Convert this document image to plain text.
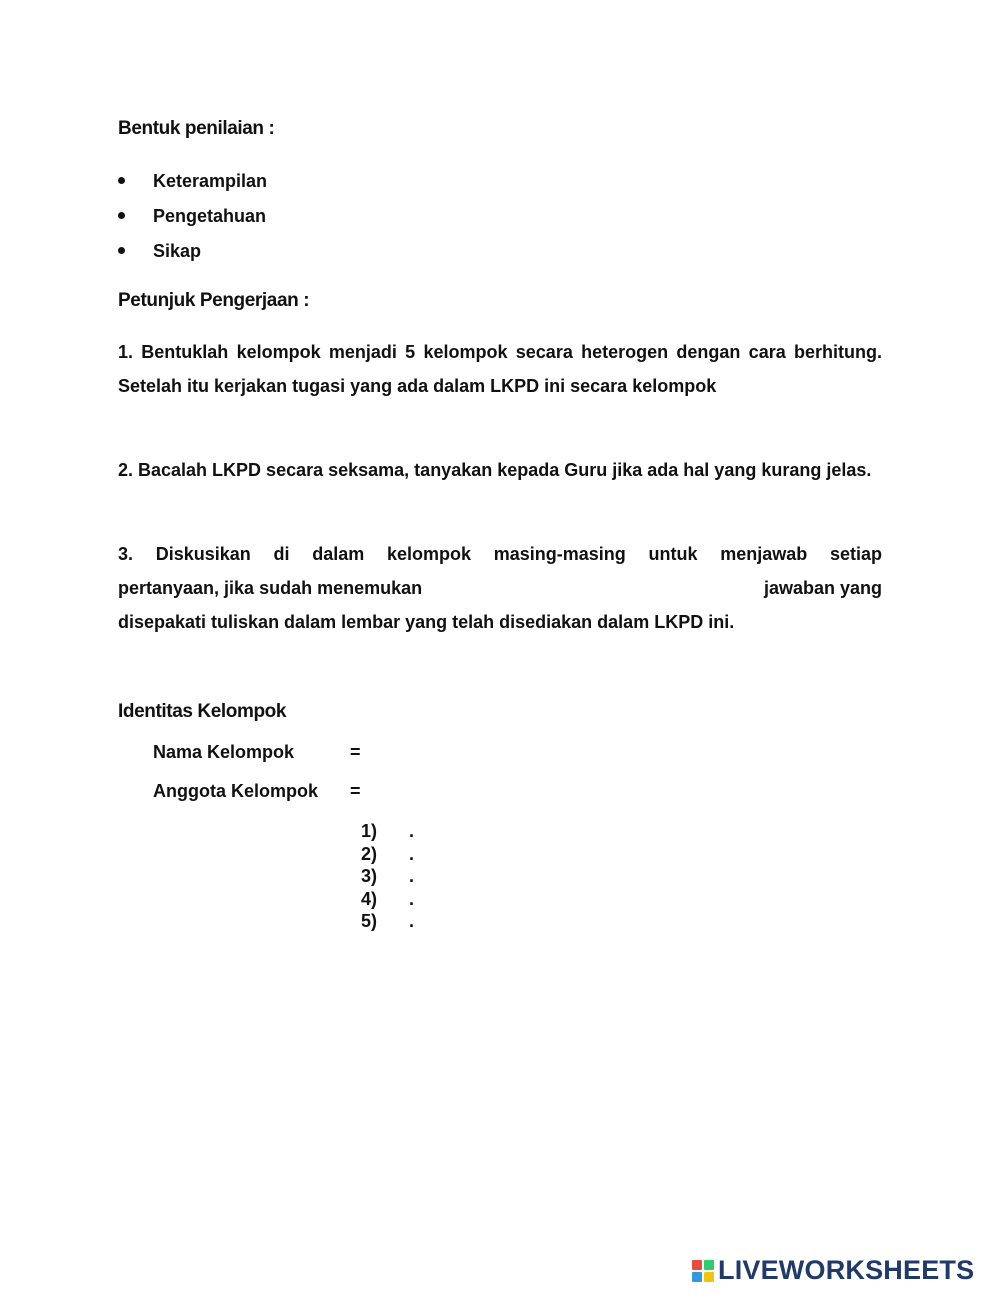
Bentuk penilaian :
Keterampilan
Pengetahuan
Sikap
Petunjuk Pengerjaan :

1. Bentuklah kelompok menjadi 5 kelompok secara heterogen dengan cara berhitung. Setelah itu kerjakan tugasi yang ada dalam LKPD ini secara kelompok

2. Bacalah LKPD secara seksama, tanyakan kepada Guru jika ada hal yang kurang jelas.

3. Diskusikan di dalam kelompok masing-masing untuk menjawab setiap
pertanyaan, jika sudah menemukan	jawaban yang
disepakati tuliskan dalam lembar yang telah disediakan dalam LKPD ini.
Identitas Kelompok
Nama Kelompok	=
Anggota Kelompok	=
1)	.
2)	.
3)	.
4)	.
5)	.
LIVEWORKSHEETS
